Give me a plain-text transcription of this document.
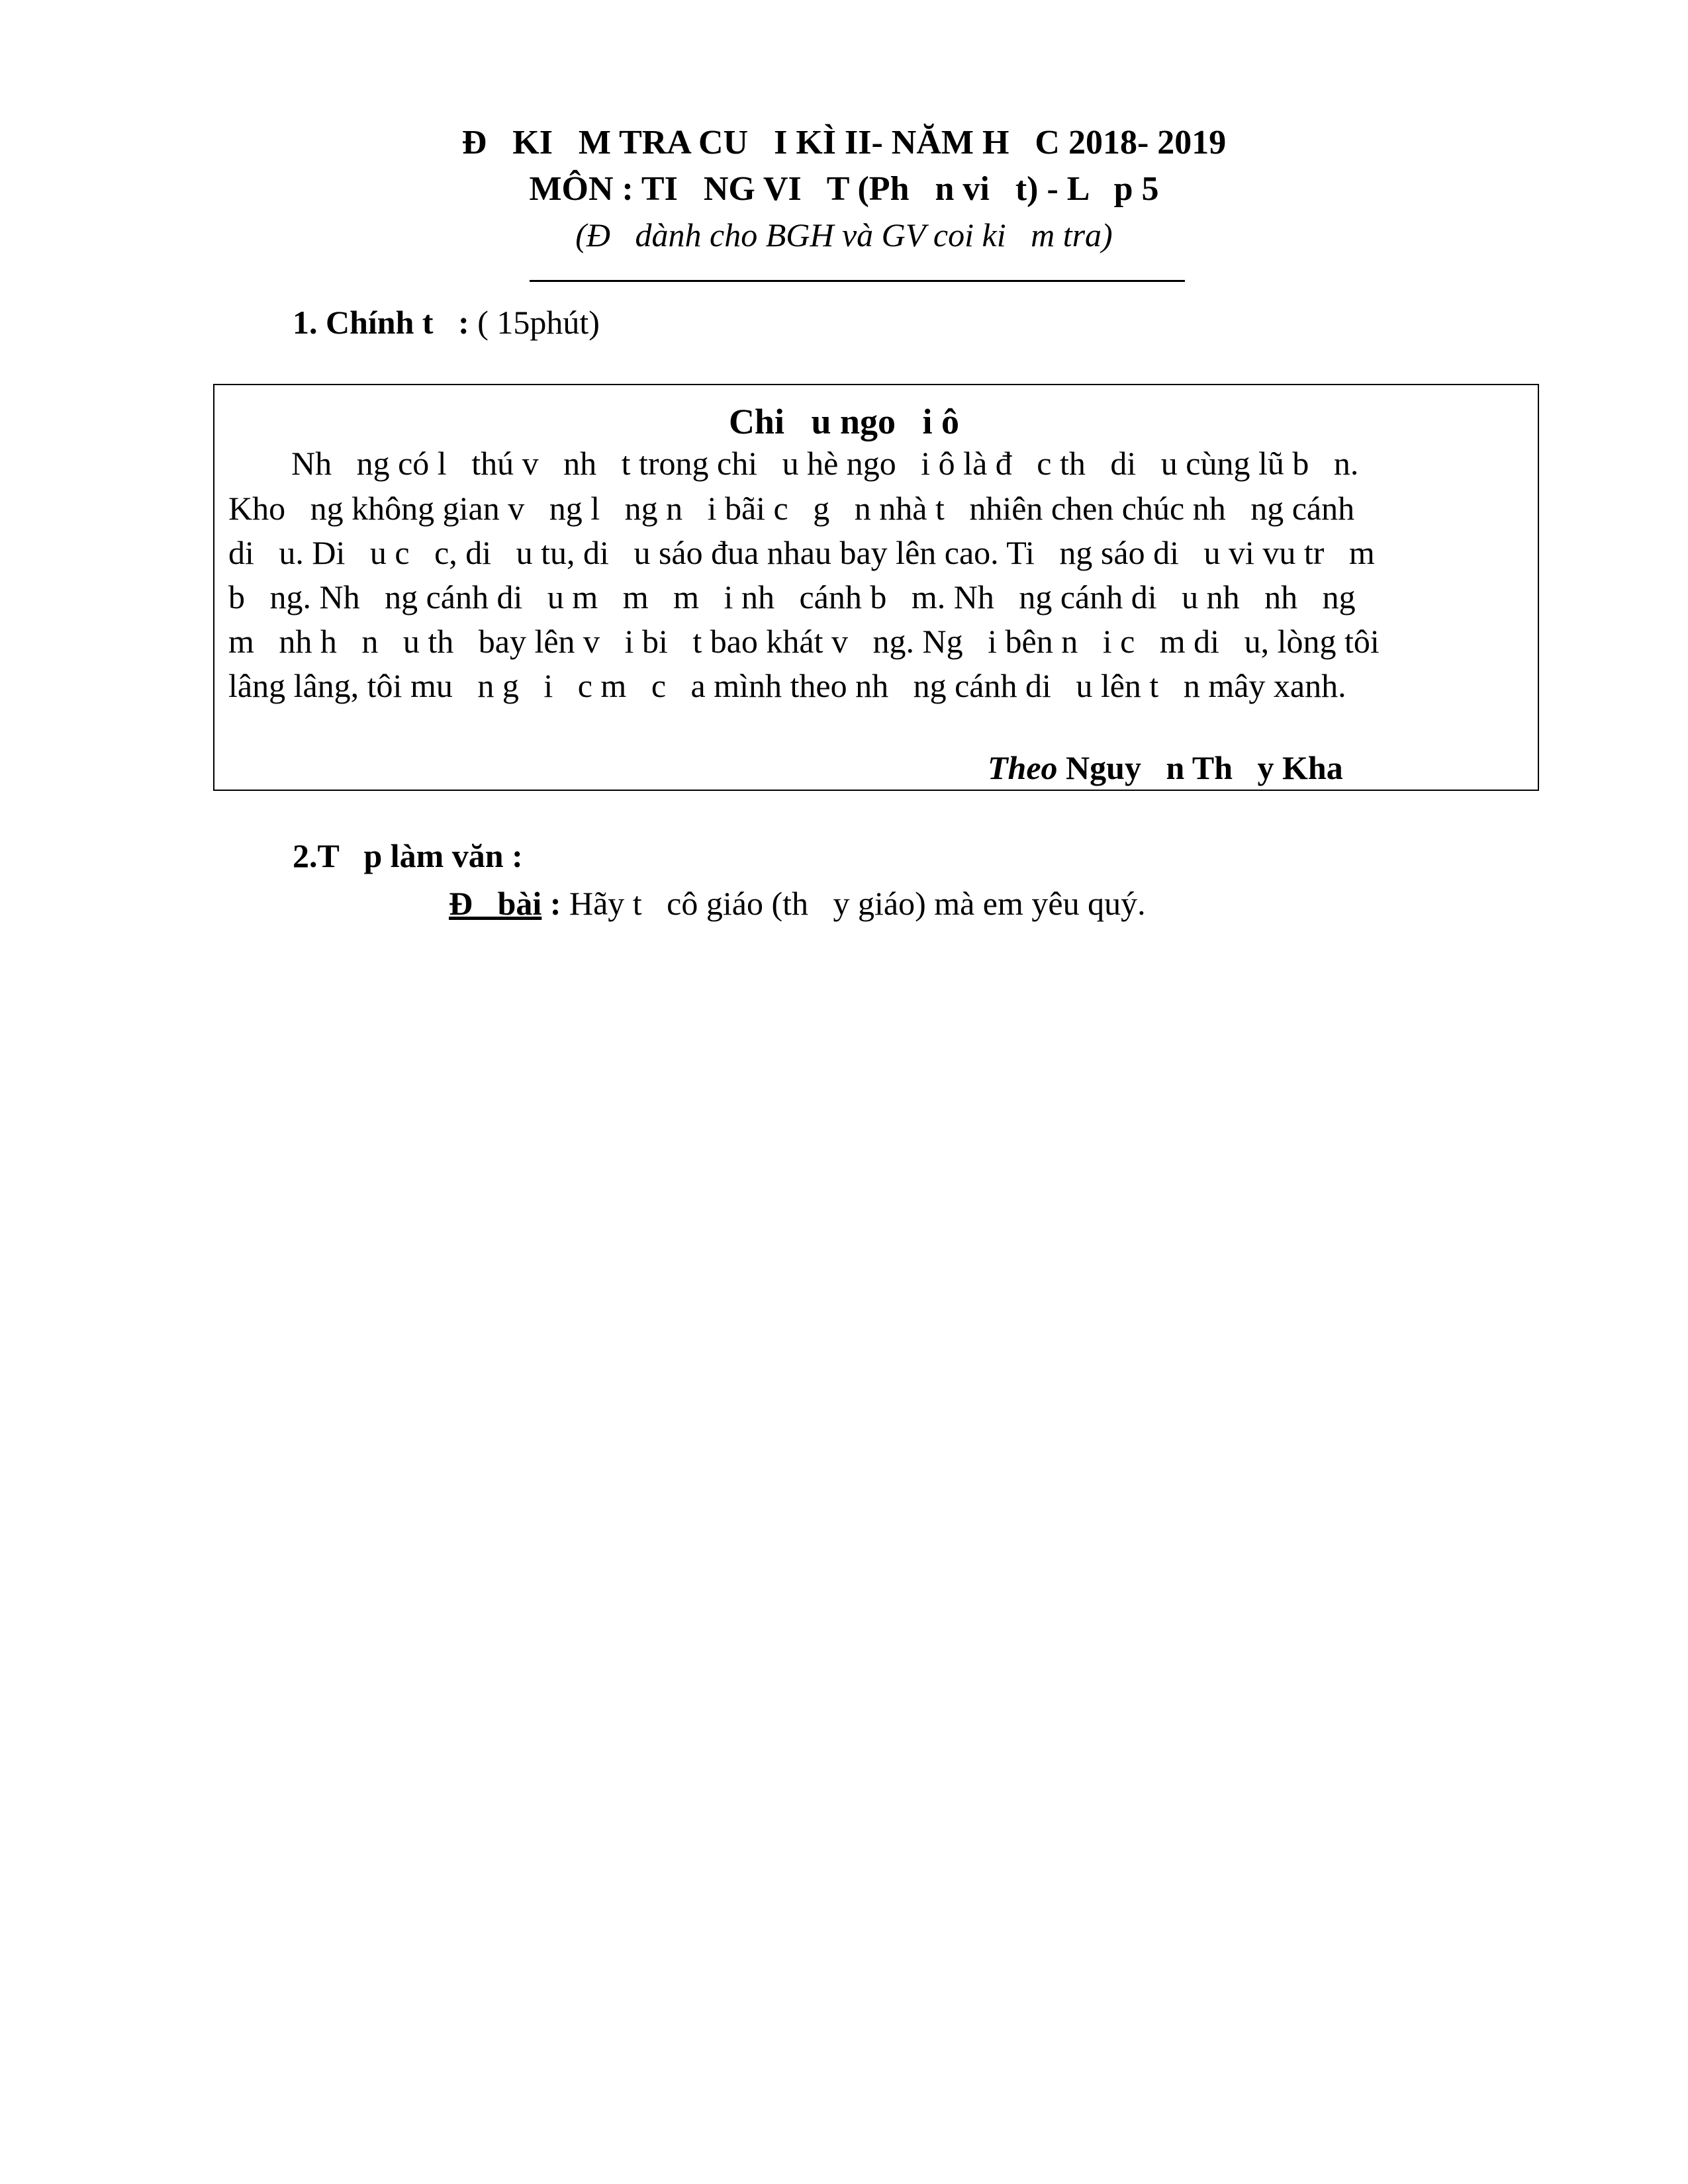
Đ   KI   M TRA CU   I KÌ II- NĂM H   C 2018- 2019
MÔN : TI   NG VI   T (Ph   n vi   t) - L   p 5
(Đ   dành cho BGH và GV coi ki   m tra)
1. Chính t   : ( 15phút)
Chi   u ngo   i ô
Nh   ng có l   thú v   nh   t trong chi   u hè ngo   i ô là đ   c th   di   u cùng lũ b   n.
Kho   ng không gian v   ng l   ng n   i bãi c   g   n nhà t   nhiên chen chúc nh   ng cánh
di   u. Di   u c   c, di   u tu, di   u sáo đua nhau bay lên cao. Ti   ng sáo di   u vi vu tr   m
b   ng. Nh   ng cánh di   u m   m   m   i nh   cánh b   m. Nh   ng cánh di   u nh   nh   ng
m   nh h   n   u th   bay lên v   i bi   t bao khát v   ng. Ng   i bên n   i c   m di   u, lòng tôi
lâng lâng, tôi mu   n g   i   c m   c   a mình theo nh   ng cánh di   u lên t   n mây xanh.
Theo Nguy   n Th   y Kha
2.T   p làm văn :
Đ   bài : Hãy t   cô giáo (th   y giáo) mà em yêu quý.
